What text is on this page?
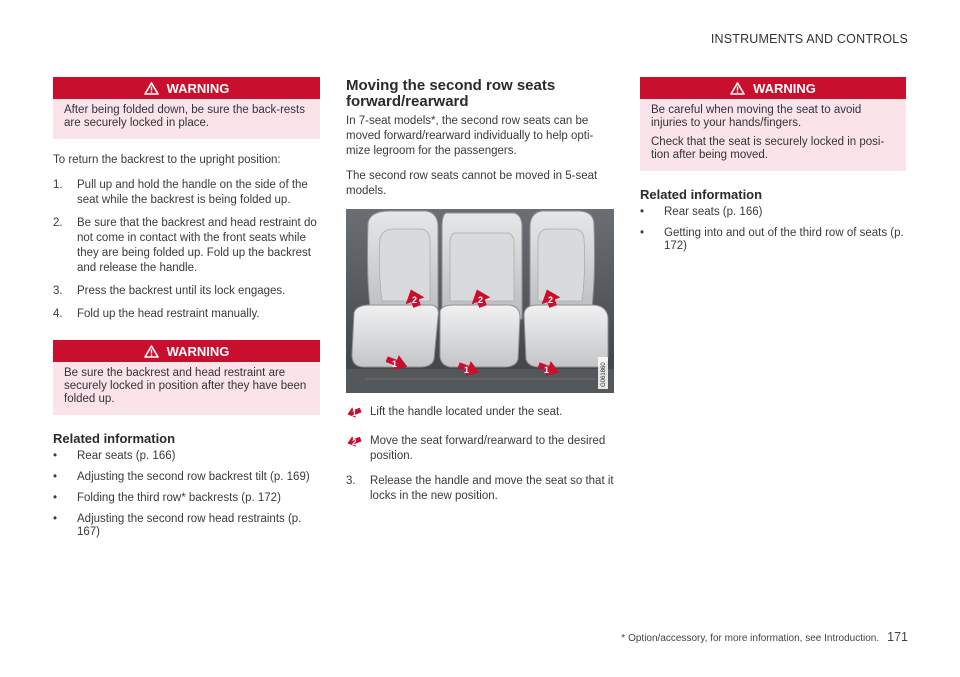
INSTRUMENTS AND CONTROLS
WARNING

After being folded down, be sure the back-rests are securely locked in place.

To return the backrest to the upright position:

1.	Pull up and hold the handle on the side of the seat while the backrest is being folded up.
2.	Be sure that the backrest and head restraint do not come in contact with the front seats while they are being folded up. Fold up the backrest and release the handle.
3.	Press the backrest until its lock engages.
4.	Fold up the head restraint manually.
WARNING

Be sure the backrest and head restraint are securely locked in position after they have been folded up.

Related information
•	Rear seats (p. 166)
•	Adjusting the second row backrest tilt (p. 169)
•	Folding the third row* backrests (p. 172)
•	Adjusting the second row head restraints (p. 167)
Moving the second row seats forward/rearward

In 7-seat models*, the second row seats can be moved forward/rearward individually to help opti-mize legroom for the passengers.

The second row seats cannot be moved in 5-seat models.

2	2	2
1
1	1	G061860
1 Lift the handle located under the seat.
2 Move the seat forward/rearward to the desired position.
3.	Release the handle and move the seat so that it locks in the new position.
WARNING

Be careful when moving the seat to avoid injuries to your hands/fingers.

Check that the seat is securely locked in posi-tion after being moved.

Related information
•	Rear seats (p. 166)
•	Getting into and out of the third row of seats (p. 172)
* Option/accessory, for more information, see Introduction. 171
